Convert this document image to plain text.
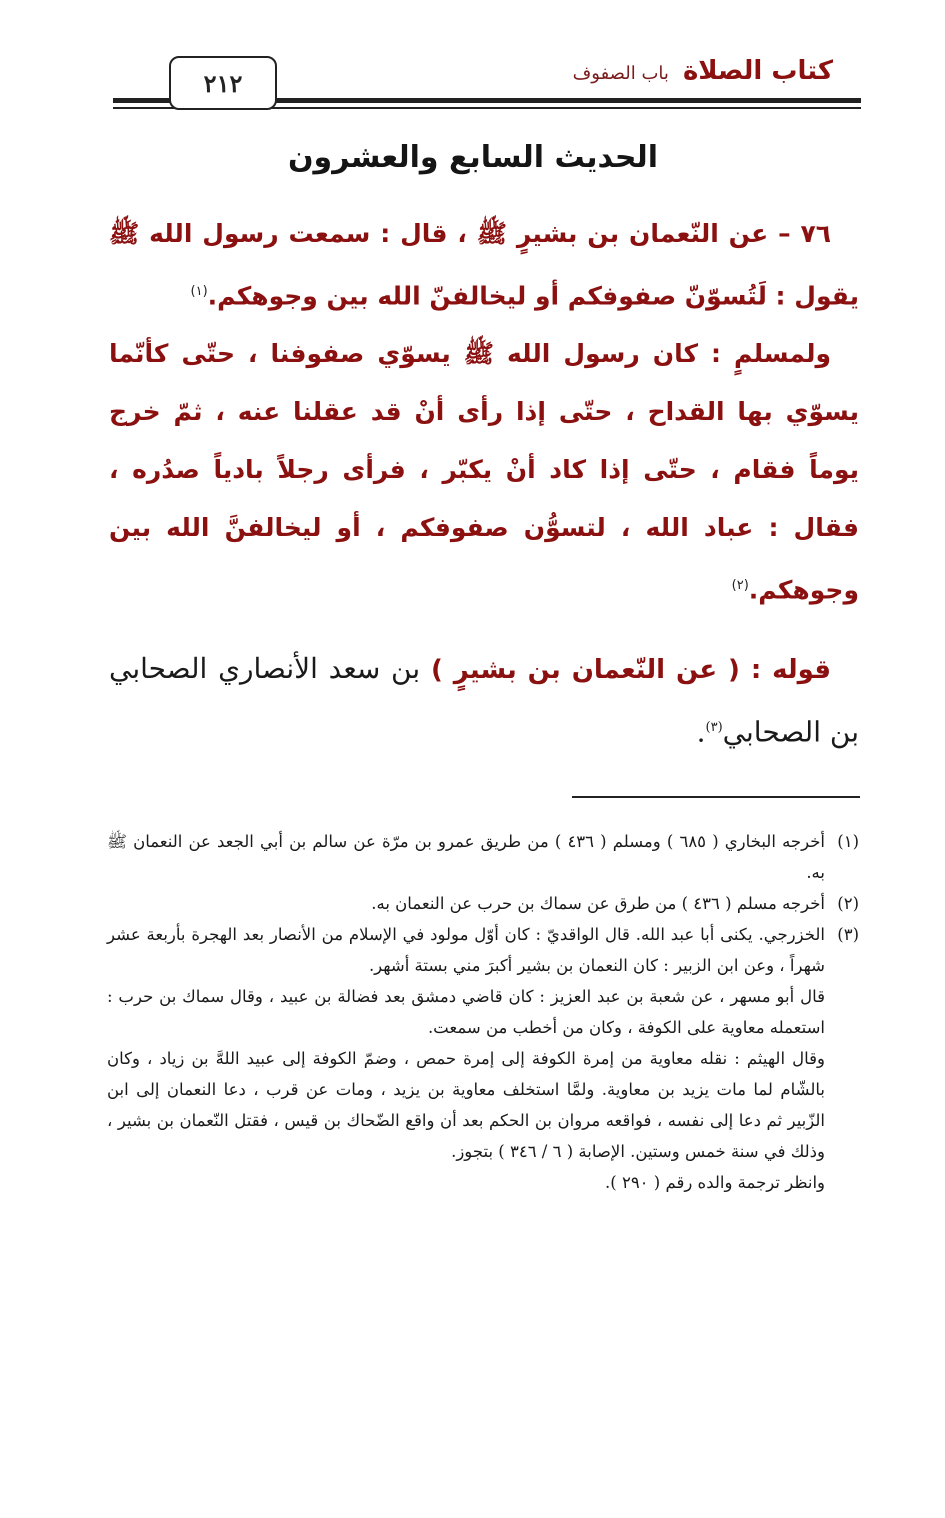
كتاب الصلاة
باب الصفوف
٢١٢
الحديث السابع والعشرون

٧٦ – عن النّعمان بن بشيرٍ ﷺ ، قال : سمعت رسول الله ﷺ يقول : لَتُسوّنّ صفوفكم أو ليخالفنّ الله بين وجوهكم.$^{(١)}$

ولمسلمٍ : كان رسول الله ﷺ يسوّي صفوفنا ، حتّى كأنّما يسوّي بها القداح ، حتّى إذا رأى أنْ قد عقلنا عنه ، ثمّ خرج يوماً فقام ، حتّى إذا كاد أنْ يكبّر ، فرأى رجلاً بادياً صدُره ، فقال : عباد الله ، لتسوُّن صفوفكم ، أو ليخالفنَّ الله بين وجوهكم.$^{(٢)}$

قوله : ( عن النّعمان بن بشيرٍ ) بن سعد الأنصاري الصحابي بن الصحابي$^{(٣)}$.

(١)

أخرجه البخاري ( ٦٨٥ ) ومسلم ( ٤٣٦ ) من طريق عمرو بن مرّة عن سالم بن أبي الجعد عن النعمان ﷺ به.

(٢)

أخرجه مسلم ( ٤٣٦ ) من طرق عن سماك بن حرب عن النعمان به.

(٣)

الخزرجي. يكنى أبا عبد الله. قال الواقديّ : كان أوّل مولود في الإسلام من الأنصار بعد الهجرة بأربعة عشر شهراً ، وعن ابن الزبير : كان النعمان بن بشير أكبرَ مني بستة أشهر.

قال أبو مسهر ، عن شعبة بن عبد العزيز : كان قاضي دمشق بعد فضالة بن عبيد ، وقال سماك بن حرب : استعمله معاوية على الكوفة ، وكان من أخطب من سمعت.

وقال الهيثم : نقله معاوية من إمرة الكوفة إلى إمرة حمص ، وضمّ الكوفة إلى عبيد اللهَّ بن زياد ، وكان بالشّام لما مات يزيد بن معاوية. ولمَّا استخلف معاوية بن يزيد ، ومات عن قرب ، دعا النعمان إلى ابن الزّبير ثم دعا إلى نفسه ، فواقعه مروان بن الحكم بعد أن واقع الضّحاك بن قيس ، فقتل النّعمان بن بشير ، وذلك في سنة خمس وستين. الإصابة ( ٦ / ٣٤٦ ) بتجوز.

وانظر ترجمة والده رقم ( ٢٩٠ ).
